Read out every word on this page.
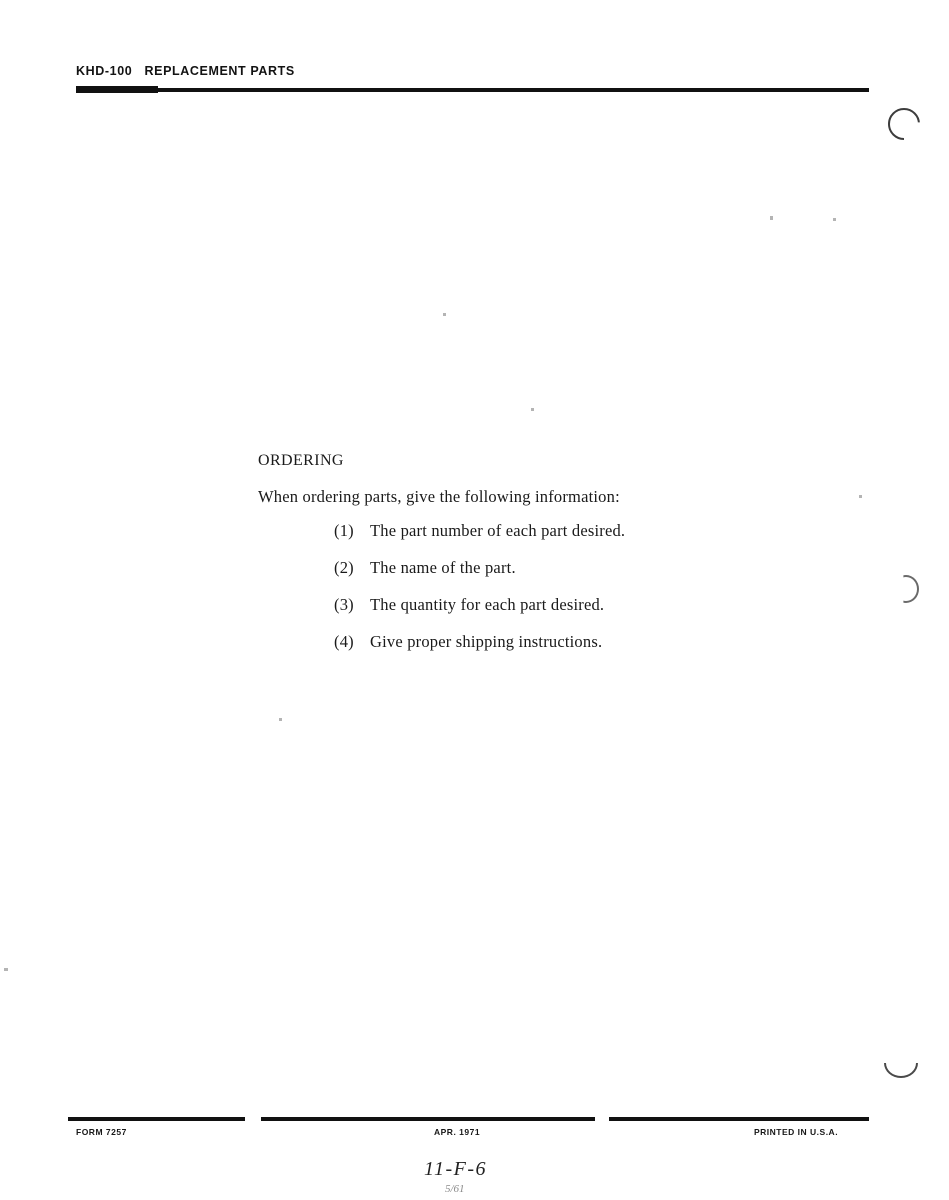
KHD-100   REPLACEMENT PARTS
ORDERING
When ordering parts, give the following information:
(1) The part number of each part desired.
(2) The name of the part.
(3) The quantity for each part desired.
(4) Give proper shipping instructions.
FORM 7257	APR. 1971	PRINTED IN U.S.A.
11-F-6
5/61
